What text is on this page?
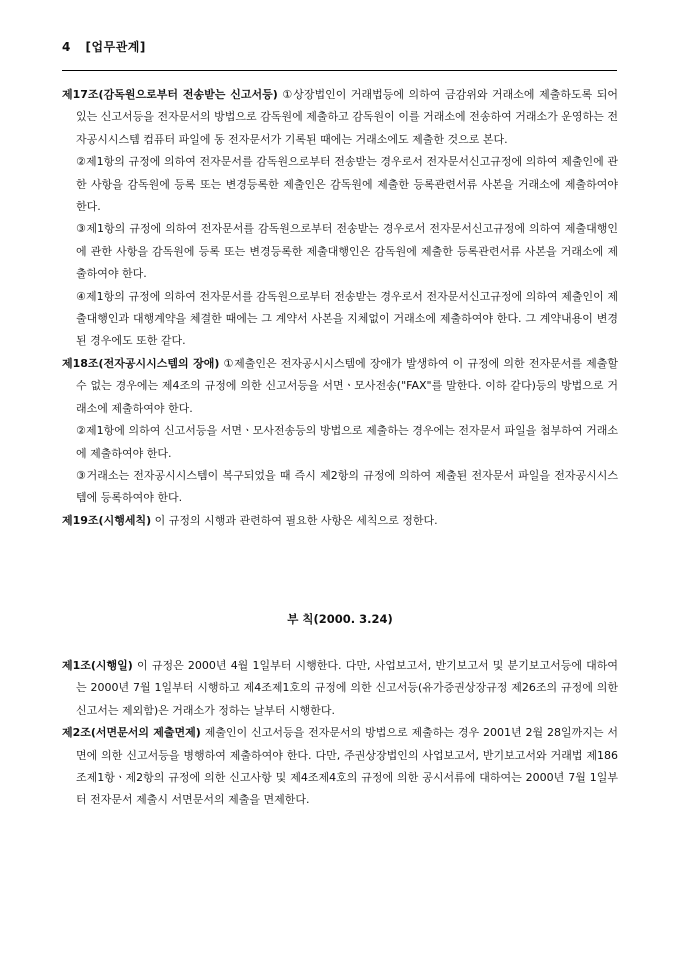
4 [업무관계]

제17조(감독원으로부터 전송받는 신고서등) ①상장법인이 거래법등에 의하여 금감위와 거래소에 제출하도록 되어 있는 신고서등을 전자문서의 방법으로 감독원에 제출하고 감독원이 이를 거래소에 전송하여 거래소가 운영하는 전자공시시스템 컴퓨터 파일에 동 전자문서가 기록된 때에는 거래소에도 제출한 것으로 본다.

②제1항의 규정에 의하여 전자문서를 감독원으로부터 전송받는 경우로서 전자문서신고규정에 의하여 제출인에 관한 사항을 감독원에 등록 또는 변경등록한 제출인은 감독원에 제출한 등록관련서류 사본을 거래소에 제출하여야 한다.

③제1항의 규정에 의하여 전자문서를 감독원으로부터 전송받는 경우로서 전자문서신고규정에 의하여 제출대행인에 관한 사항을 감독원에 등록 또는 변경등록한 제출대행인은 감독원에 제출한 등록관련서류 사본을 거래소에 제출하여야 한다.

④제1항의 규정에 의하여 전자문서를 감독원으로부터 전송받는 경우로서 전자문서신고규정에 의하여 제출인이 제출대행인과 대행계약을 체결한 때에는 그 계약서 사본을 지체없이 거래소에 제출하여야 한다. 그 계약내용이 변경된 경우에도 또한 같다.

제18조(전자공시시스템의 장애) ①제출인은 전자공시시스템에 장애가 발생하여 이 규정에 의한 전자문서를 제출할 수 없는 경우에는 제4조의 규정에 의한 신고서등을 서면ㆍ모사전송("FAX"를 말한다. 이하 같다)등의 방법으로 거래소에 제출하여야 한다.

②제1항에 의하여 신고서등을 서면ㆍ모사전송등의 방법으로 제출하는 경우에는 전자문서 파일을 첨부하여 거래소에 제출하여야 한다.

③거래소는 전자공시시스템이 복구되었을 때 즉시 제2항의 규정에 의하여 제출된 전자문서 파일을 전자공시시스템에 등록하여야 한다.

제19조(시행세칙) 이 규정의 시행과 관련하여 필요한 사항은 세칙으로 정한다.

부 칙(2000. 3.24)

제1조(시행일) 이 규정은 2000년 4월 1일부터 시행한다. 다만, 사업보고서, 반기보고서 및 분기보고서등에 대하여는 2000년 7월 1일부터 시행하고 제4조제1호의 규정에 의한 신고서등(유가증권상장규정 제26조의 규정에 의한 신고서는 제외함)은 거래소가 정하는 날부터 시행한다.

제2조(서면문서의 제출면제) 제출인이 신고서등을 전자문서의 방법으로 제출하는 경우 2001년 2월 28일까지는 서면에 의한 신고서등을 병행하여 제출하여야 한다. 다만, 주권상장법인의 사업보고서, 반기보고서와 거래법 제186조제1항ㆍ제2항의 규정에 의한 신고사항 및 제4조제4호의 규정에 의한 공시서류에 대하여는 2000년 7월 1일부터 전자문서 제출시 서면문서의 제출을 면제한다.
